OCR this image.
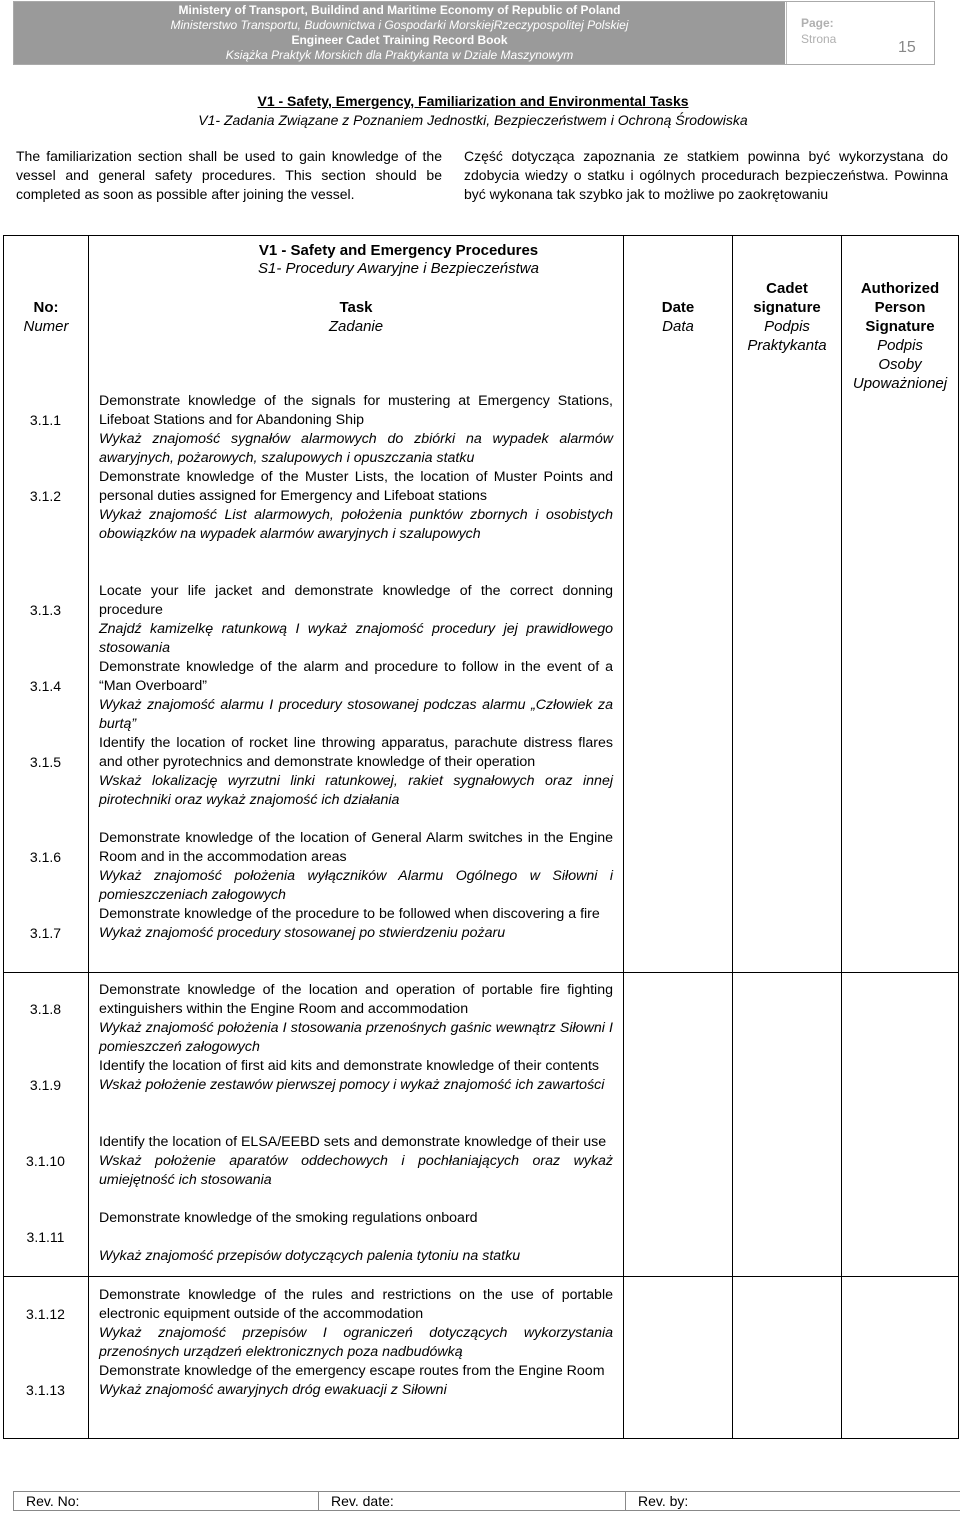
Ministery of Transport, Buildind and Maritime Economy of Republic of Poland
Ministerstwo Transportu, Budownictwa i Gospodarki MorskiejRzeczypospolitej Polskiej
Engineer Cadet Training Record Book
Książka Praktyk Morskich dla Praktykanta w Dziale Maszynowym
Page:
Strona	15
V1 - Safety, Emergency, Familiarization and Environmental Tasks
V1- Zadania Związane z Poznaniem Jednostki, Bezpieczeństwem i Ochroną Środowiska
The familiarization section shall be used to gain knowledge of the vessel and general safety procedures. This section should be completed as soon as possible after joining the vessel.
Część dotycząca zapoznania ze statkiem powinna być wykorzystana do zdobycia wiedzy o statku i ogólnych procedurach bezpieczeństwa. Powinna być wykonana tak szybko jak to możliwe po zaokrętowaniu
V1 - Safety and Emergency Procedures
S1- Procedury Awaryjne i Bezpieczeństwa
No:
Numer
Task
Zadanie
Date
Data
Cadet
signature
Podpis
Praktykanta
Authorized
Person
Signature
Podpis
Osoby
Upoważnionej
3.1.1
Demonstrate knowledge of the signals for mustering at Emergency Stations, Lifeboat Stations and for Abandoning Ship
Wykaż znajomość sygnałów alarmowych do zbiórki na wypadek alarmów awaryjnych, pożarowych, szalupowych i opuszczania statku
3.1.2
Demonstrate knowledge of the Muster Lists, the location of Muster Points and personal duties assigned for Emergency and Lifeboat stations
Wykaż znajomość List alarmowych, położenia punktów zbornych i osobistych obowiązków na wypadek alarmów awaryjnych i szalupowych
3.1.3
Locate your life jacket and demonstrate knowledge of the correct donning procedure
Znajdź kamizelkę ratunkową I wykaż znajomość procedury jej prawidłowego stosowania
3.1.4
Demonstrate knowledge of the alarm and procedure to follow in the event of a “Man Overboard”
Wykaż znajomość alarmu I procedury stosowanej podczas alarmu „Człowiek za burtą”
3.1.5
Identify the location of rocket line throwing apparatus, parachute distress flares and other pyrotechnics and demonstrate knowledge of their operation
Wskaż lokalizację wyrzutni linki ratunkowej, rakiet sygnałowych oraz innej pirotechniki oraz wykaż znajomość ich działania
3.1.6
Demonstrate knowledge of the location of General Alarm switches in the Engine Room and in the accommodation areas
Wykaż znajomość położenia wyłączników Alarmu Ogólnego w Siłowni i pomieszczeniach załogowych
3.1.7
Demonstrate knowledge of the procedure to be followed when discovering a fire
Wykaż znajomość procedury stosowanej po stwierdzeniu pożaru
3.1.8
Demonstrate knowledge of the location and operation of portable fire fighting extinguishers within the Engine Room and accommodation
Wykaż znajomość położenia I stosowania przenośnych gaśnic wewnątrz Siłowni I pomieszczeń załogowych
3.1.9
Identify the location of first aid kits and demonstrate knowledge of their contents
Wskaż położenie zestawów pierwszej pomocy i wykaż znajomość ich zawartości
3.1.10
Identify the location of ELSA/EEBD sets and demonstrate knowledge of their use
Wskaż położenie aparatów oddechowych i pochłaniających oraz wykaż umiejętność ich stosowania
3.1.11
Demonstrate knowledge of the smoking regulations onboard
Wykaż znajomość przepisów dotyczących palenia tytoniu na statku
3.1.12
Demonstrate knowledge of the rules and restrictions on the use of portable electronic equipment outside of the accommodation
Wykaż znajomość przepisów I ograniczeń dotyczących wykorzystania przenośnych urządzeń elektronicznych poza nadbudówką
3.1.13
Demonstrate knowledge of the emergency escape routes from the Engine Room
Wykaż znajomość awaryjnych dróg ewakuacji z Siłowni
Rev. No:	Rev. date:	Rev. by:
